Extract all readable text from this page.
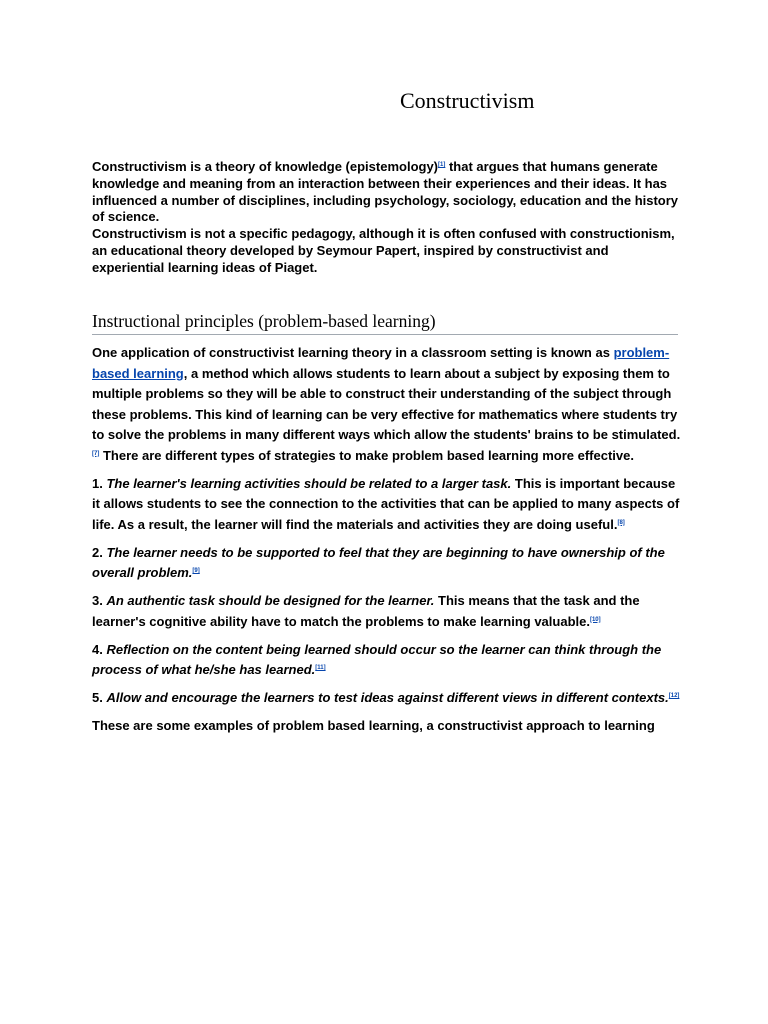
Constructivism

Constructivism is a theory of knowledge (epistemology)[1] that argues that humans generate knowledge and meaning from an interaction between their experiences and their ideas. It has influenced a number of disciplines, including psychology, sociology, education and the history of science.

Constructivism is not a specific pedagogy, although it is often confused with constructionism, an educational theory developed by Seymour Papert, inspired by constructivist and experiential learning ideas of Piaget.

Instructional principles (problem-based learning)

One application of constructivist learning theory in a classroom setting is known as problem-based learning, a method which allows students to learn about a subject by exposing them to multiple problems so they will be able to construct their understanding of the subject through these problems. This kind of learning can be very effective for mathematics where students try to solve the problems in many different ways which allow the students' brains to be stimulated.[7] There are different types of strategies to make problem based learning more effective.

1. The learner's learning activities should be related to a larger task. This is important because it allows students to see the connection to the activities that can be applied to many aspects of life. As a result, the learner will find the materials and activities they are doing useful.[8]

2. The learner needs to be supported to feel that they are beginning to have ownership of the overall problem.[9]

3. An authentic task should be designed for the learner. This means that the task and the learner's cognitive ability have to match the problems to make learning valuable.[10]

4. Reflection on the content being learned should occur so the learner can think through the process of what he/she has learned.[11]

5. Allow and encourage the learners to test ideas against different views in different contexts.[12]

These are some examples of problem based learning, a constructivist approach to learning
